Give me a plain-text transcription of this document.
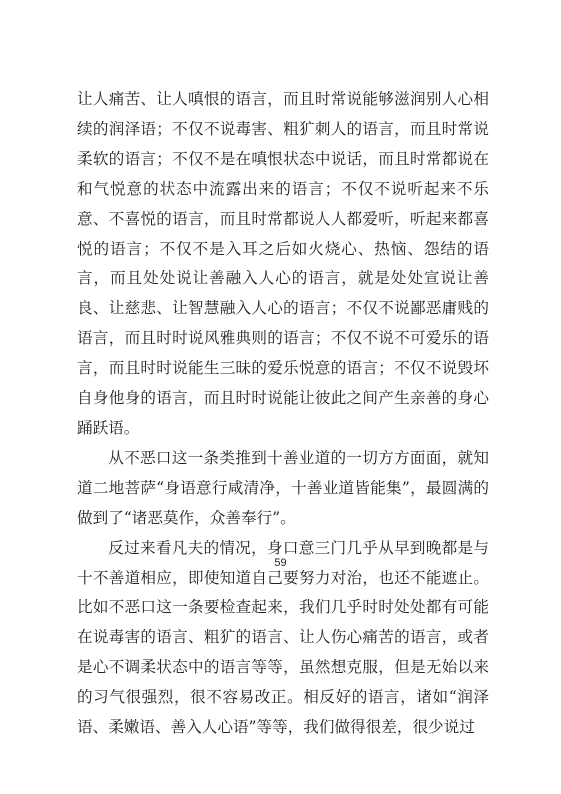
让人痛苦、让人嗔恨的语言，而且时常说能够滋润别人心相续的润泽语；不仅不说毒害、粗犷刺人的语言，而且时常说柔软的语言；不仅不是在嗔恨状态中说话，而且时常都说在和气悦意的状态中流露出来的语言；不仅不说听起来不乐意、不喜悦的语言，而且时常都说人人都爱听，听起来都喜悦的语言；不仅不是入耳之后如火烧心、热恼、怨结的语言，而且处处说让善融入人心的语言，就是处处宣说让善良、让慈悲、让智慧融入人心的语言；不仅不说鄙恶庸贱的语言，而且时时说风雅典则的语言；不仅不说不可爱乐的语言，而且时时说能生三昧的爱乐悦意的语言；不仅不说毁坏自身他身的语言，而且时时说能让彼此之间产生亲善的身心踊跃语。

从不恶口这一条类推到十善业道的一切方方面面，就知道二地菩萨“身语意行咸清净，十善业道皆能集”，最圆满的做到了“诸恶莫作，众善奉行”。

反过来看凡夫的情况，身口意三门几乎从早到晚都是与十不善道相应，即使知道自己要努力对治，也还不能遮止。比如不恶口这一条要检查起来，我们几乎时时处处都有可能在说毒害的语言、粗犷的语言、让人伤心痛苦的语言，或者是心不调柔状态中的语言等等，虽然想克服，但是无始以来的习气很强烈，很不容易改正。相反好的语言，诸如“润泽语、柔嫩语、善入人心语”等等，我们做得很差，很少说过

59
